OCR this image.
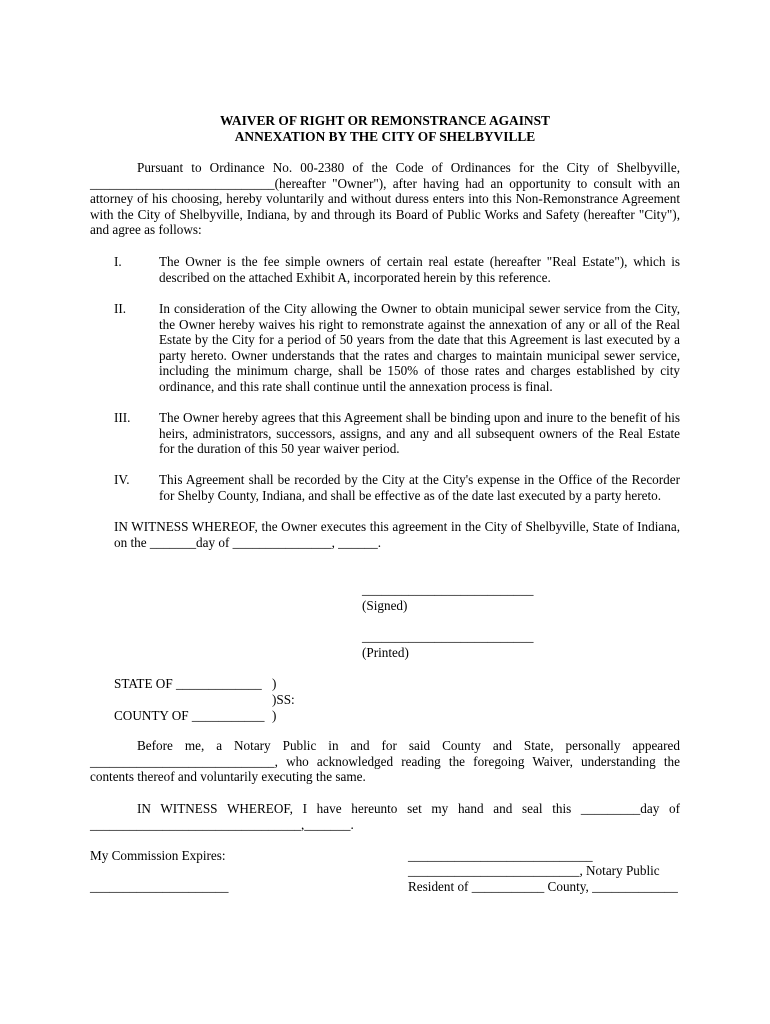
WAIVER OF RIGHT OR REMONSTRANCE AGAINST
ANNEXATION BY THE CITY OF SHELBYVILLE
Pursuant to Ordinance No. 00-2380 of the Code of Ordinances for the City of Shelbyville,
____________________________(hereafter "Owner"), after having had an opportunity to consult with an
attorney of his choosing, hereby voluntarily and without duress enters into this Non-Remonstrance Agreement
with the City of Shelbyville, Indiana, by and through its Board of Public Works and Safety (hereafter "City"),
and agree as follows:
I.	The Owner is the fee simple owners of certain real estate (hereafter "Real Estate"), which is
described on the attached Exhibit A, incorporated herein by this reference.
II. In consideration of the City allowing the Owner to obtain municipal sewer service from the City,
the Owner hereby waives his right to remonstrate against the annexation of any or all of the Real
Estate by the City for a period of 50 years from the date that this Agreement is last executed by a
party hereto. Owner understands that the rates and charges to maintain municipal sewer service,
including the minimum charge, shall be 150% of those rates and charges established by city
ordinance, and this rate shall continue until the annexation process is final.
III. The Owner hereby agrees that this Agreement shall be binding upon and inure to the benefit of his
heirs, administrators, successors, assigns, and any and all subsequent owners of the Real Estate
for the duration of this 50 year waiver period.
IV. This Agreement shall be recorded by the City at the City's expense in the Office of the Recorder
for Shelby County, Indiana, and shall be effective as of the date last executed by a party hereto.
IN WITNESS WHEREOF, the Owner executes this agreement in the City of Shelbyville, State of Indiana,
on the _______day of _______________, ______.
__________________________
(Signed)
__________________________
(Printed)
STATE OF _____________ )
)SS:
COUNTY OF ___________ )
Before me, a Notary Public in and for said County and State, personally appeared
____________________________, who acknowledged reading the foregoing Waiver, understanding the
contents thereof and voluntarily executing the same.
IN WITNESS WHEREOF, I have hereunto set my hand and seal this _________day of
________________________________,_______.
My Commission Expires:
_____________________
____________________________
__________________________, Notary Public
Resident of ___________ County, _____________
